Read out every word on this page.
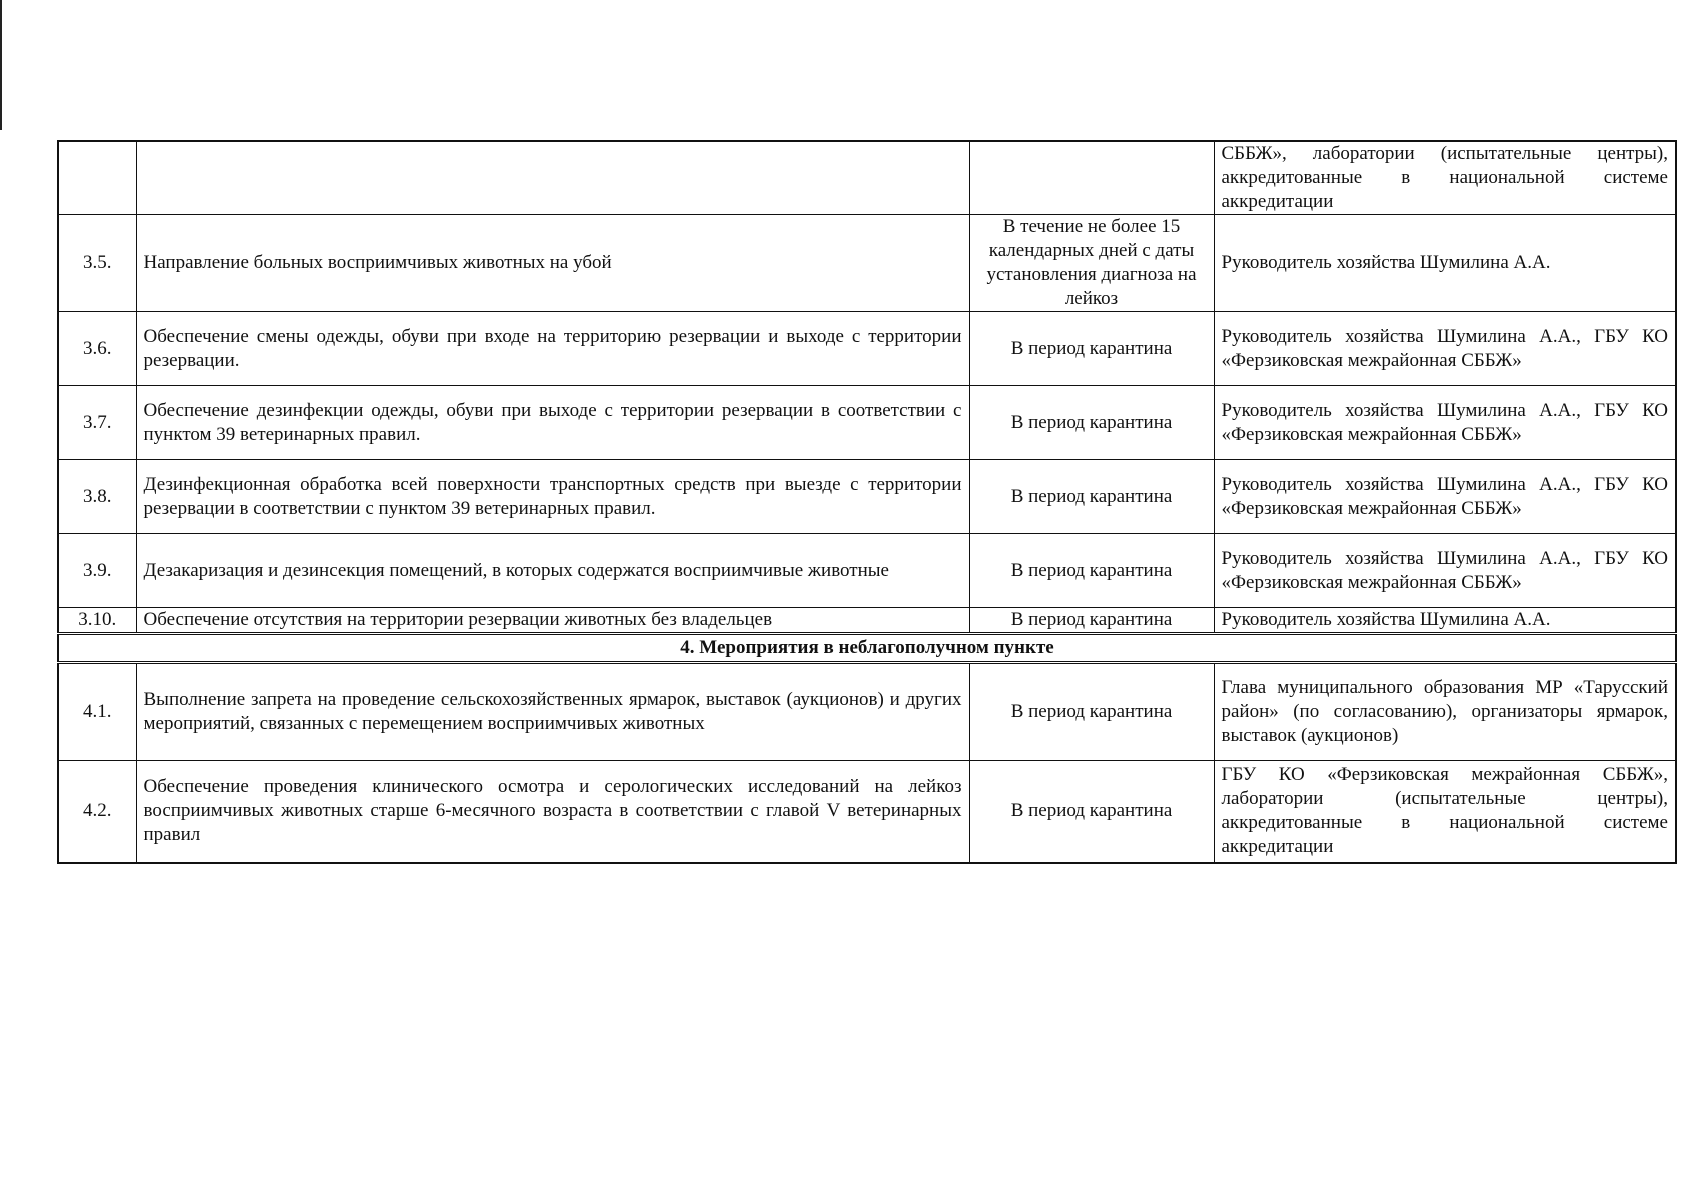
			СББЖ», лаборатории (испытательные центры), аккредитованные в национальной системе аккредитации
3.5.	Направление больных восприимчивых животных на убой	В течение не более 15 календарных дней с даты установления диагноза на лейкоз	Руководитель хозяйства Шумилина А.А.
3.6.	Обеспечение смены одежды, обуви при входе на территорию резервации и выходе с территории резервации.	В период карантина	Руководитель хозяйства Шумилина А.А., ГБУ КО «Ферзиковская межрайонная СББЖ»
3.7.	Обеспечение дезинфекции одежды, обуви при выходе с территории резервации в соответствии с пунктом 39 ветеринарных правил.	В период карантина	Руководитель хозяйства Шумилина А.А., ГБУ КО «Ферзиковская межрайонная СББЖ»
3.8.	Дезинфекционная обработка всей поверхности транспортных средств при выезде с территории резервации в соответствии с пунктом 39 ветеринарных правил.	В период карантина	Руководитель хозяйства Шумилина А.А., ГБУ КО «Ферзиковская межрайонная СББЖ»
3.9.	Дезакаризация и дезинсекция помещений, в которых содержатся восприимчивые животные	В период карантина	Руководитель хозяйства Шумилина А.А., ГБУ КО «Ферзиковская межрайонная СББЖ»
3.10.	Обеспечение отсутствия на территории резервации животных без владельцев	В период карантина	Руководитель хозяйства Шумилина А.А.
4. Мероприятия в неблагополучном пункте			
4.1.	Выполнение запрета на проведение сельскохозяйственных ярмарок, выставок (аукционов) и других мероприятий, связанных с перемещением восприимчивых животных	В период карантина	Глава муниципального образования МР «Тарусский район» (по согласованию), организаторы ярмарок, выставок (аукционов)
4.2.	Обеспечение проведения клинического осмотра и серологических исследований на лейкоз восприимчивых животных старше 6-месячного возраста в соответствии с главой V ветеринарных правил	В период карантина	ГБУ КО «Ферзиковская межрайонная СББЖ», лаборатории (испытательные центры), аккредитованные в национальной системе аккредитации
